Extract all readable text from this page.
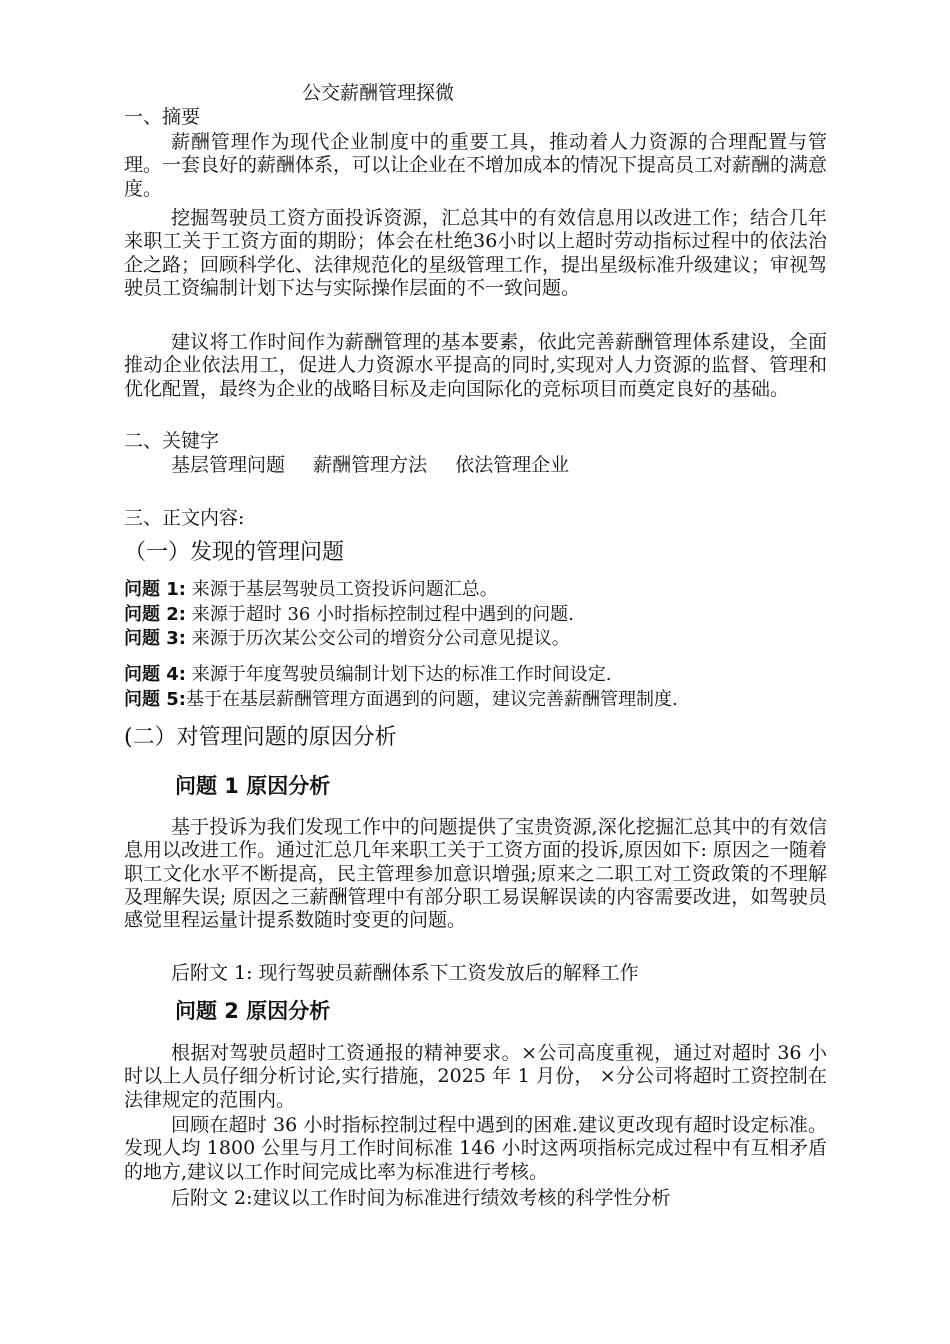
公交薪酬管理探微
一、摘要
薪酬管理作为现代企业制度中的重要工具，推动着人力资源的合理配置与管理。一套良好的薪酬体系，可以让企业在不增加成本的情况下提高员工对薪酬的满意度。
挖掘驾驶员工资方面投诉资源，汇总其中的有效信息用以改进工作；结合几年来职工关于工资方面的期盼；体会在杜绝36小时以上超时劳动指标过程中的依法治企之路；回顾科学化、法律规范化的星级管理工作，提出星级标准升级建议；审视驾驶员工资编制计划下达与实际操作层面的不一致问题。
建议将工作时间作为薪酬管理的基本要素，依此完善薪酬管理体系建设，全面推动企业依法用工，促进人力资源水平提高的同时,实现对人力资源的监督、管理和优化配置，最终为企业的战略目标及走向国际化的竞标项目而奠定良好的基础。
二、关键字
基层管理问题 薪酬管理方法 依法管理企业
三、正文内容:
（一）发现的管理问题
问题 1: 来源于基层驾驶员工资投诉问题汇总。
问题 2: 来源于超时 36 小时指标控制过程中遇到的问题.
问题 3: 来源于历次某公交公司的增资分公司意见提议。
问题 4: 来源于年度驾驶员编制计划下达的标准工作时间设定.
问题 5:基于在基层薪酬管理方面遇到的问题，建议完善薪酬管理制度.
(二）对管理问题的原因分析
问题 1 原因分析
基于投诉为我们发现工作中的问题提供了宝贵资源,深化挖掘汇总其中的有效信息用以改进工作。通过汇总几年来职工关于工资方面的投诉,原因如下: 原因之一随着职工文化水平不断提高，民主管理参加意识增强;原来之二职工对工资政策的不理解及理解失误; 原因之三薪酬管理中有部分职工易误解误读的内容需要改进，如驾驶员感觉里程运量计提系数随时变更的问题。
后附文 1: 现行驾驶员薪酬体系下工资发放后的解释工作
问题 2 原因分析
根据对驾驶员超时工资通报的精神要求。×公司高度重视，通过对超时 36 小时以上人员仔细分析讨论,实行措施，2025 年 1 月份， ×分公司将超时工资控制在法律规定的范围内。
回顾在超时 36 小时指标控制过程中遇到的困难.建议更改现有超时设定标准。发现人均 1800 公里与月工作时间标准 146 小时这两项指标完成过程中有互相矛盾的地方,建议以工作时间完成比率为标准进行考核。
后附文 2:建议以工作时间为标准进行绩效考核的科学性分析
